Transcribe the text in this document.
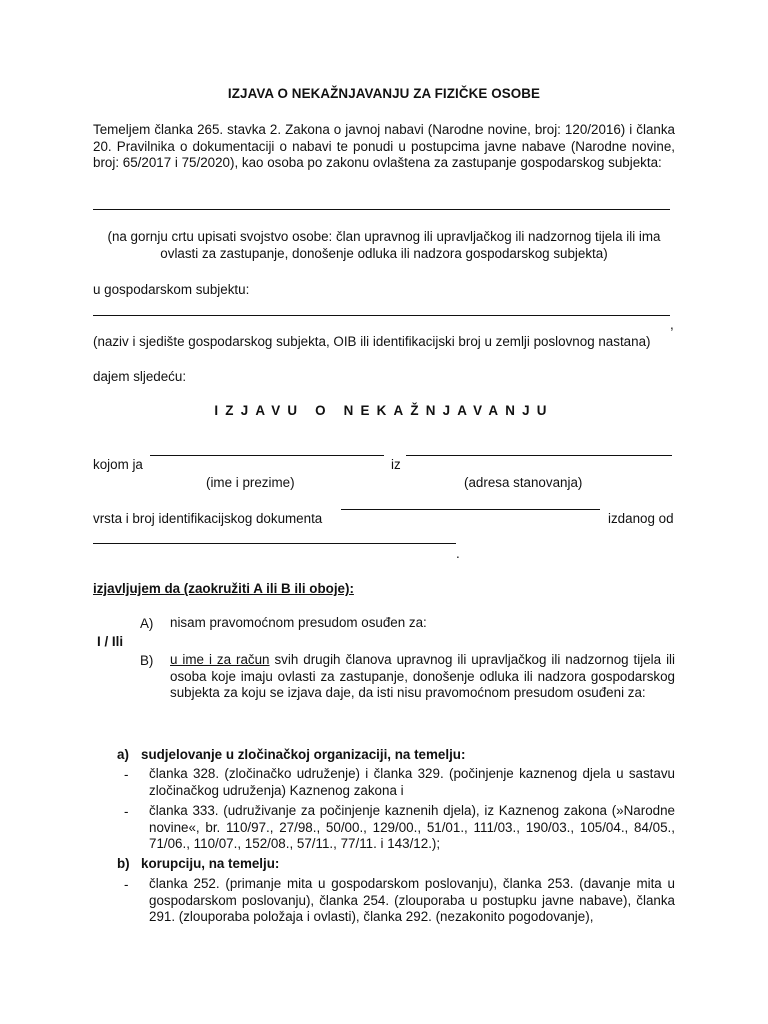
IZJAVA O NEKAŽNJAVANJU ZA FIZIČKE OSOBE
Temeljem članka 265. stavka 2. Zakona o javnoj nabavi (Narodne novine, broj: 120/2016) i članka 20. Pravilnika o dokumentaciji o nabavi te ponudi u postupcima javne nabave (Narodne novine, broj: 65/2017 i 75/2020), kao osoba po zakonu ovlaštena za zastupanje gospodarskog subjekta:
(na gornju crtu upisati svojstvo osobe: član upravnog ili upravljačkog ili nadzornog tijela ili ima ovlasti za zastupanje, donošenje odluka ili nadzora gospodarskog subjekta)
u gospodarskom subjektu:
,
(naziv i sjedište gospodarskog subjekta, OIB ili identifikacijski broj u zemlji poslovnog nastana)
dajem sljedeću:
IZJAVU O NEKAŽNJAVANJU
kojom ja	iz
(ime i prezime)	(adresa stanovanja)
vrsta i broj identifikacijskog dokumenta	izdanog od
.
izjavljujem da (zaokružiti A ili B ili oboje):
A) nisam pravomoćnom presudom osuđen za:
I / Ili
B) u ime i za račun svih drugih članova upravnog ili upravljačkog ili nadzornog tijela ili osoba koje imaju ovlasti za zastupanje, donošenje odluka ili nadzora gospodarskog subjekta za koju se izjava daje, da isti nisu pravomoćnom presudom osuđeni za:
a) sudjelovanje u zločinačkoj organizaciji, na temelju:
- članka 328. (zločinačko udruženje) i članka 329. (počinjenje kaznenog djela u sastavu zločinačkog udruženja) Kaznenog zakona i
- članka 333. (udruživanje za počinjenje kaznenih djela), iz Kaznenog zakona (»Narodne novine«, br. 110/97., 27/98., 50/00., 129/00., 51/01., 111/03., 190/03., 105/04., 84/05., 71/06., 110/07., 152/08., 57/11., 77/11. i 143/12.);
b) korupciju, na temelju:
- članka 252. (primanje mita u gospodarskom poslovanju), članka 253. (davanje mita u gospodarskom poslovanju), članka 254. (zlouporaba u postupku javne nabave), članka 291. (zlouporaba položaja i ovlasti), članka 292. (nezakonito pogodovanje),
